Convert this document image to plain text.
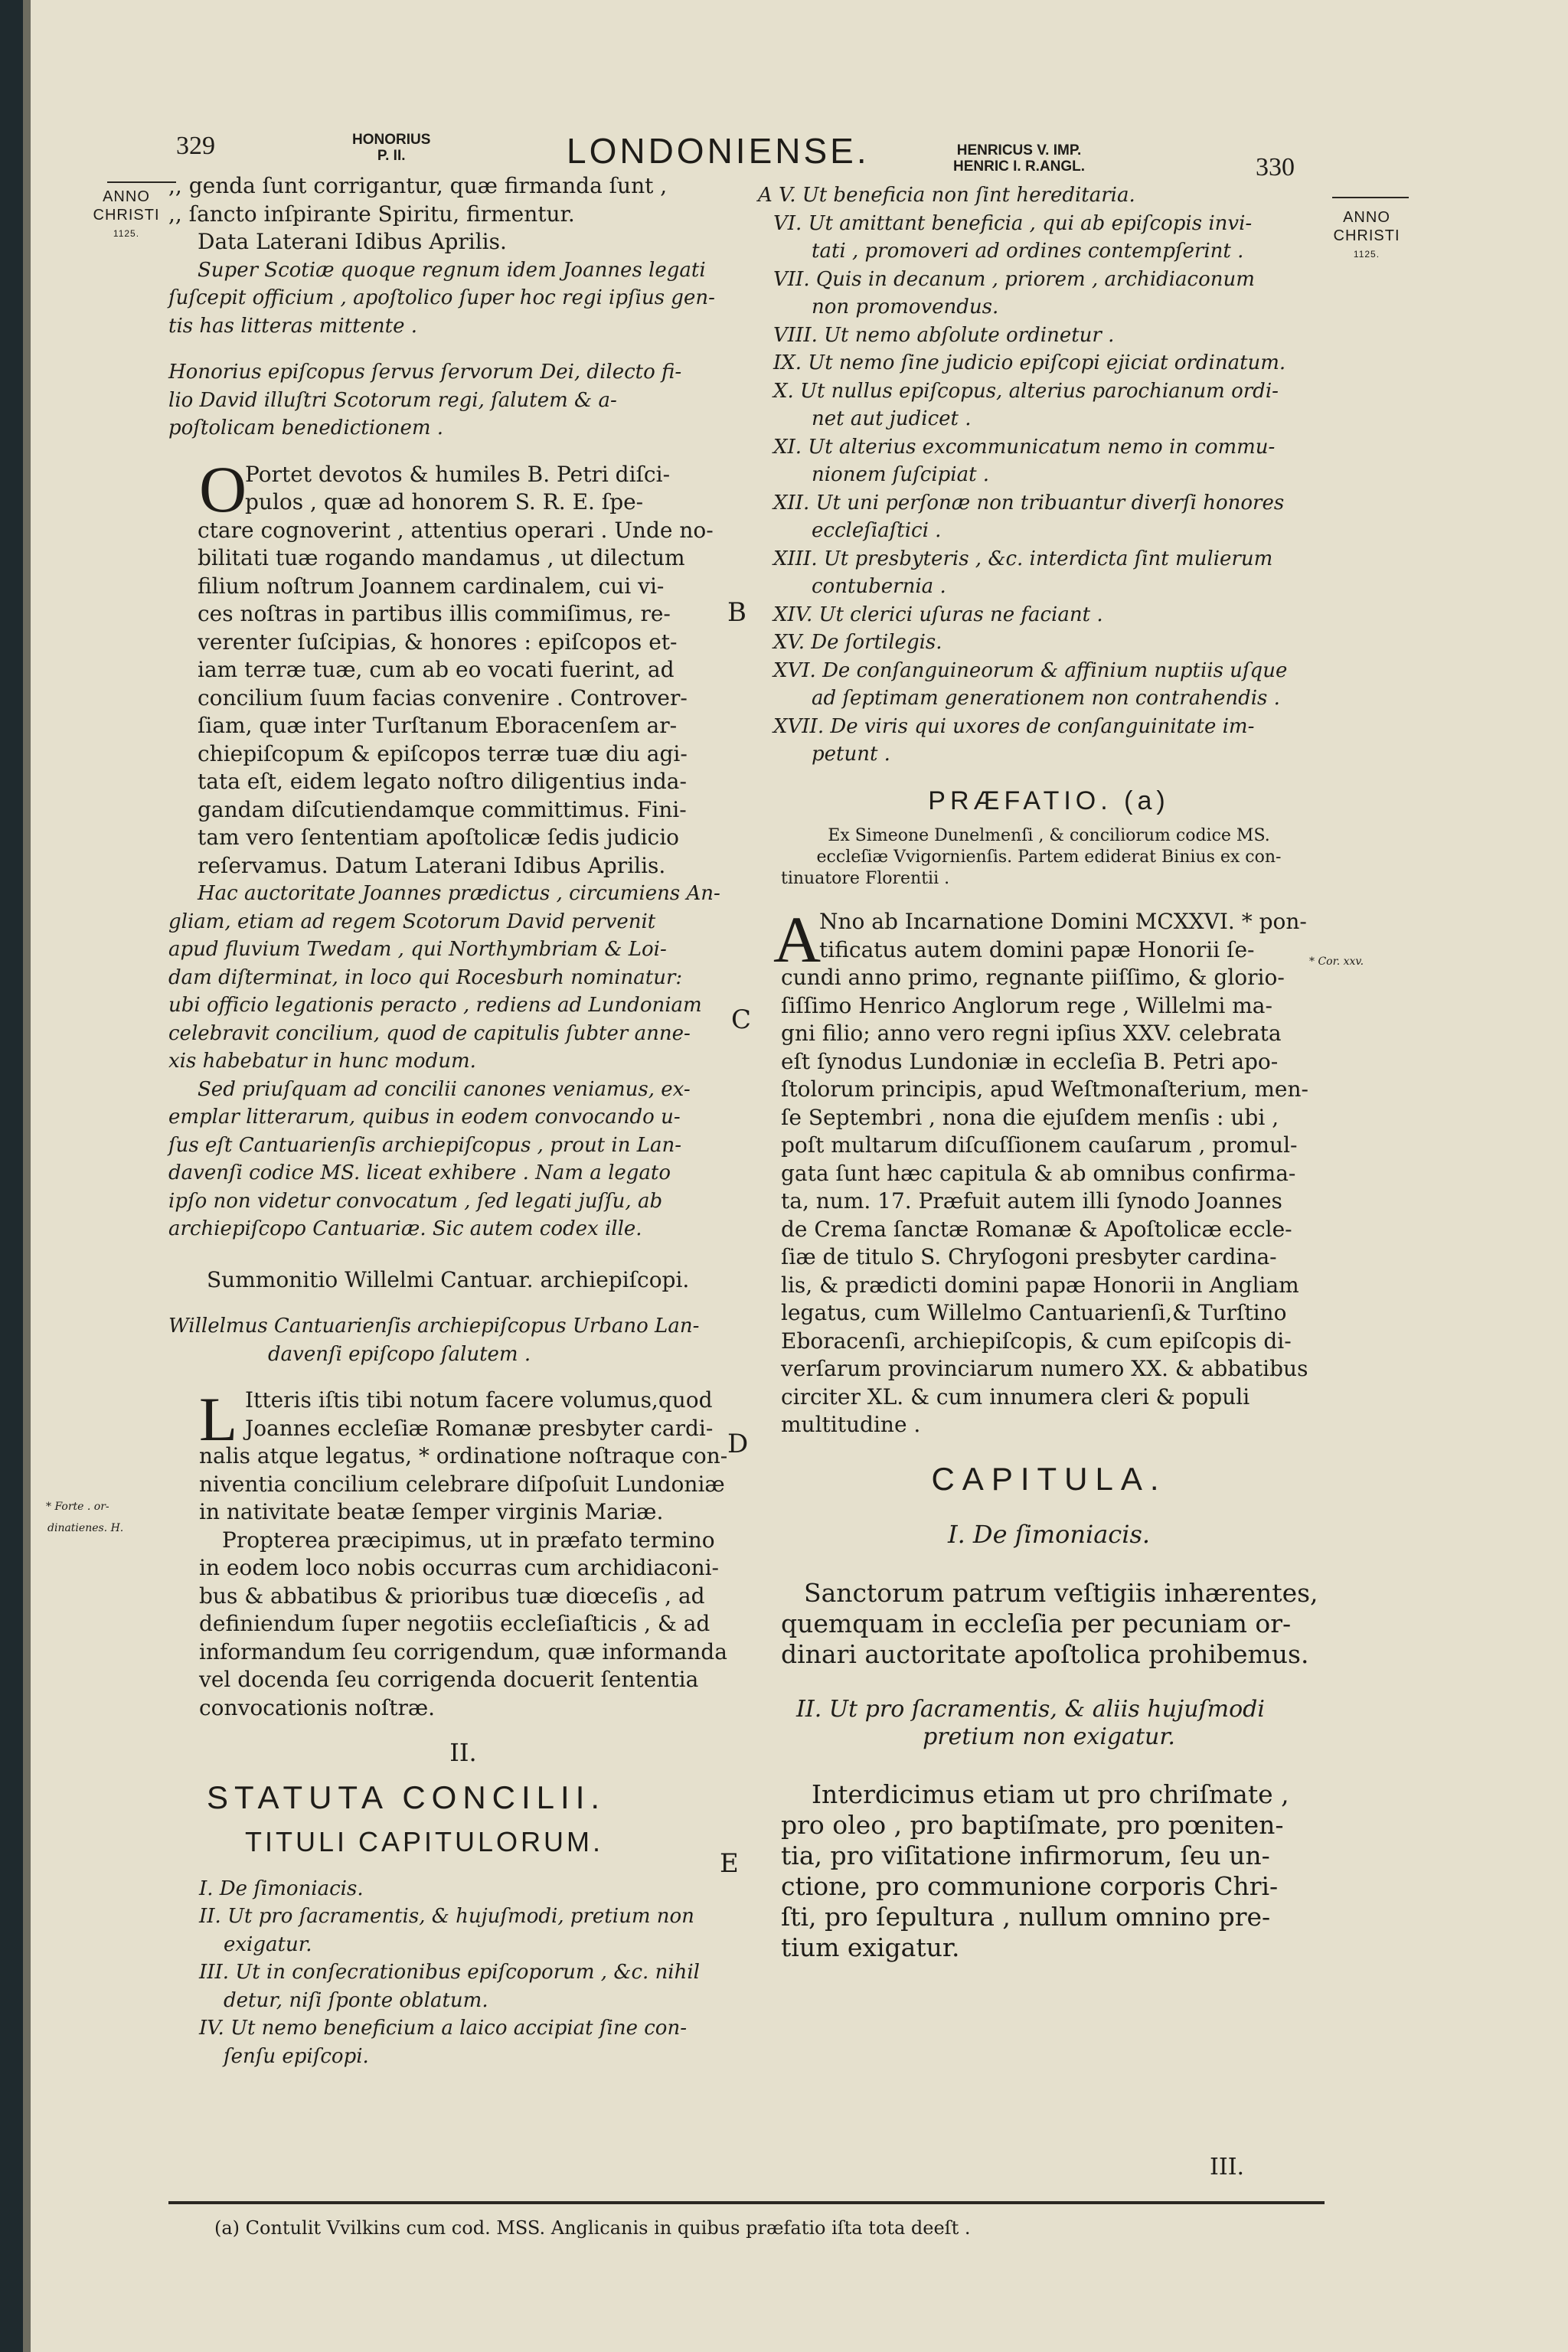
329	HONORIUS
P. II.	LONDONIENSE.	HENRICUS V. IMP.
HENRIC I. R.ANGL.	330
ANNO
CHRISTI
1125.
ANNO
CHRISTI
1125.
* Forte . or-
dinatienes. H.
* Cor. xxv.
B
C
D
E

,, genda ſunt corrigantur, quæ firmanda ſunt ,

,, ſancto inſpirante Spiritu, firmentur.

Data Laterani Idibus Aprilis.

Super Scotiæ quoque regnum idem Joannes legati

ſuſcepit officium , apoſtolico ſuper hoc regi ipſius gen-

tis has litteras mittente .

Honorius epiſcopus ſervus ſervorum Dei, dilecto fi-

lio David illuſtri Scotorum regi, ſalutem & a-

poſtolicam benedictionem .

O

Portet devotos & humiles B. Petri diſci-

pulos , quæ ad honorem S. R. E. ſpe-

ctare cognoverint , attentius operari . Unde no-

bilitati tuæ rogando mandamus , ut dilectum

filium noſtrum Joannem cardinalem, cui vi-

ces noſtras in partibus illis commiſimus, re-

verenter ſuſcipias, & honores : epiſcopos et-

iam terræ tuæ, cum ab eo vocati fuerint, ad

concilium ſuum facias convenire . Controver-

ſiam, quæ inter Turſtanum Eboracenſem ar-

chiepiſcopum & epiſcopos terræ tuæ diu agi-

tata eſt, eidem legato noſtro diligentius inda-

gandam diſcutiendamque committimus. Fini-

tam vero ſententiam apoſtolicæ ſedis judicio

reſervamus. Datum Laterani Idibus Aprilis.

Hac auctoritate Joannes prædictus , circumiens An-

gliam, etiam ad regem Scotorum David pervenit

apud fluvium Twedam , qui Northymbriam & Loi-

dam diſterminat, in loco qui Rocesburh nominatur:

ubi officio legationis peracto , rediens ad Lundoniam

celebravit concilium, quod de capitulis ſubter anne-

xis habebatur in hunc modum.

Sed priuſquam ad concilii canones veniamus, ex-

emplar litterarum, quibus in eodem convocando u-

ſus eſt Cantuarienſis archiepiſcopus , prout in Lan-

davenſi codice MS. liceat exhibere . Nam a legato

ipſo non videtur convocatum , ſed legati juſſu, ab

archiepiſcopo Cantuariæ. Sic autem codex ille.

Summonitio Willelmi Cantuar. archiepiſcopi.

Willelmus Cantuarienſis archiepiſcopus Urbano Lan-

davenſi epiſcopo ſalutem .

L Itteris iſtis tibi notum facere volumus,quod

Joannes eccleſiæ Romanæ presbyter cardi-

nalis atque legatus, * ordinatione noſtraque con-

niventia concilium celebrare diſpoſuit Lundoniæ

in nativitate beatæ ſemper virginis Mariæ.

Propterea præcipimus, ut in præfato termino

in eodem loco nobis occurras cum archidiaconi-

bus & abbatibus & prioribus tuæ diœceſis , ad

definiendum ſuper negotiis eccleſiaſticis , & ad

informandum ſeu corrigendum, quæ informanda

vel docenda ſeu corrigenda docuerit ſententia

convocationis noſtræ.

II.

STATUTA CONCILII.

TITULI CAPITULORUM.

I. De ſimoniacis.

II. Ut pro ſacramentis, & hujuſmodi, pretium non

exigatur.

III. Ut in conſecrationibus epiſcoporum , &c. nihil

detur, niſi ſponte oblatum.

IV. Ut nemo beneficium a laico accipiat ſine con-

ſenſu epiſcopi.

A V. Ut beneficia non ſint hereditaria.

VI. Ut amittant beneficia , qui ab epiſcopis invi-

tati , promoveri ad ordines contempſerint .

VII. Quis in decanum , priorem , archidiaconum

non promovendus.

VIII. Ut nemo abſolute ordinetur .

IX. Ut nemo ſine judicio epiſcopi ejiciat ordinatum.

X. Ut nullus epiſcopus, alterius parochianum ordi-

net aut judicet .

XI. Ut alterius excommunicatum nemo in commu-

nionem ſuſcipiat .

XII. Ut uni perſonæ non tribuantur diverſi honores

eccleſiaſtici .

XIII. Ut presbyteris , &c. interdicta ſint mulierum

contubernia .

XIV. Ut clerici uſuras ne faciant .

XV. De ſortilegis.

XVI. De conſanguineorum & affinium nuptiis uſque

ad ſeptimam generationem non contrahendis .

XVII. De viris qui uxores de conſanguinitate im-

petunt .

PRÆFATIO. (a)

Ex Simeone Dunelmenſi , & conciliorum codice MS.

eccleſiæ Vvigornienſis. Partem ediderat Binius ex con-

tinuatore Florentii .

A

Nno ab Incarnatione Domini MCXXVI. * pon-

tificatus autem domini papæ Honorii ſe-

cundi anno primo, regnante piiſſimo, & glorio-

ſiſſimo Henrico Anglorum rege , Willelmi ma-

gni filio; anno vero regni ipſius XXV. celebrata

eſt ſynodus Lundoniæ in eccleſia B. Petri apo-

ſtolorum principis, apud Weſtmonaſterium, men-

ſe Septembri , nona die ejuſdem menſis : ubi ,

poſt multarum diſcuſſionem cauſarum , promul-

gata ſunt hæc capitula & ab omnibus confirma-

ta, num. 17. Præfuit autem illi ſynodo Joannes

de Crema ſanctæ Romanæ & Apoſtolicæ eccle-

ſiæ de titulo S. Chryſogoni presbyter cardina-

lis, & prædicti domini papæ Honorii in Angliam

legatus, cum Willelmo Cantuarienſi,& Turſtino

Eboracenſi, archiepiſcopis, & cum epiſcopis di-

verſarum provinciarum numero XX. & abbatibus

circiter XL. & cum innumera cleri & populi

multitudine .

CAPITULA.

I. De ſimoniacis.

Sanctorum patrum veſtigiis inhærentes,

quemquam in eccleſia per pecuniam or-

dinari auctoritate apoſtolica prohibemus.

II. Ut pro ſacramentis, & aliis hujuſmodi

pretium non exigatur.

Interdicimus etiam ut pro chriſmate ,

pro oleo , pro baptiſmate, pro pœniten-

tia, pro viſitatione infirmorum, ſeu un-

ctione, pro communione corporis Chri-

ſti, pro ſepultura , nullum omnino pre-

tium exigatur.

III.
(a) Contulit Vvilkins cum cod. MSS. Anglicanis in quibus præfatio iſta tota deeſt .
